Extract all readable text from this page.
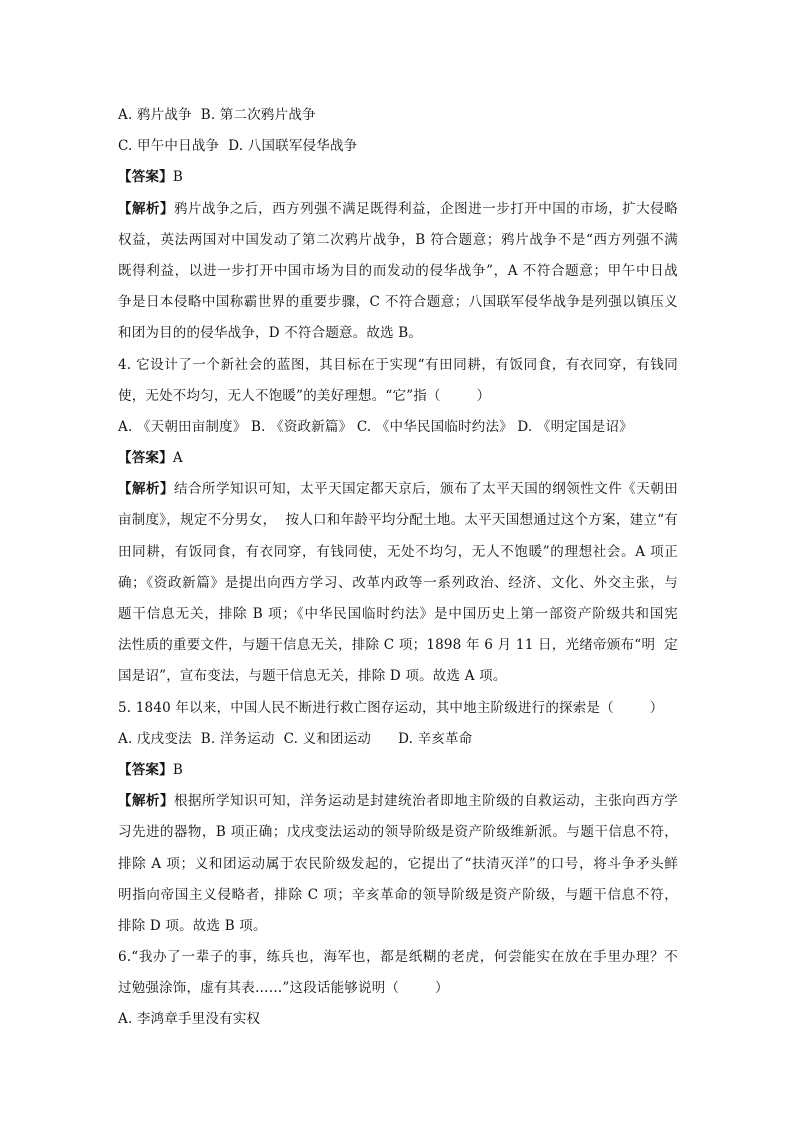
A. 鸦片战争  B. 第二次鸦片战争
C. 甲午中日战争  D. 八国联军侵华战争
【答案】B
【解析】鸦片战争之后，西方列强不满足既得利益，企图进一步打开中国的市场，扩大侵略
权益，英法两国对中国发动了第二次鸦片战争，B 符合题意；鸦片战争不是“西方列强不满
既得利益，以进一步打开中国市场为目的而发动的侵华战争”，A 不符合题意；甲午中日战
争是日本侵略中国称霸世界的重要步骤，C 不符合题意；八国联军侵华战争是列强以镇压义
和团为目的的侵华战争，D 不符合题意。故选 B。
4. 它设计了一个新社会的蓝图，其目标在于实现“有田同耕，有饭同食，有衣同穿，有钱同
使，无处不均匀，无人不饱暖”的美好理想。“它”指（        ）
A. 《天朝田亩制度》 B. 《资政新篇》 C. 《中华民国临时约法》 D. 《明定国是诏》
【答案】A
【解析】结合所学知识可知，太平天国定都天京后，颁布了太平天国的纲领性文件《天朝田
亩制度》，规定不分男女，  按人口和年龄平均分配土地。太平天国想通过这个方案，建立“有
田同耕，有饭同食，有衣同穿，有钱同使，无处不均匀，无人不饱暖”的理想社会。A 项正
确；《资政新篇》是提出向西方学习、改革内政等一系列政治、经济、文化、外交主张，与
题干信息无关，排除 B 项；《中华民国临时约法》是中国历史上第一部资产阶级共和国宪
法性质的重要文件，与题干信息无关，排除 C 项；1898 年 6 月 11 日，光绪帝颁布“明  定
国是诏”，宣布变法，与题干信息无关，排除 D 项。故选 A 项。
5. 1840 年以来，中国人民不断进行救亡图存运动，其中地主阶级进行的探索是（        ）
A. 戊戌变法  B. 洋务运动  C. 义和团运动      D. 辛亥革命
【答案】B
【解析】根据所学知识可知，洋务运动是封建统治者即地主阶级的自救运动，主张向西方学
习先进的器物，B 项正确；戊戌变法运动的领导阶级是资产阶级维新派。与题干信息不符，
排除 A 项；义和团运动属于农民阶级发起的，它提出了“扶清灭洋”的口号，将斗争矛头鲜
明指向帝国主义侵略者，排除 C 项；辛亥革命的领导阶级是资产阶级，与题干信息不符，
排除 D 项。故选 B 项。
6.“我办了一辈子的事，练兵也，海军也，都是纸糊的老虎，何尝能实在放在手里办理？不
过勉强涂饰，虚有其表……”这段话能够说明（        ）
A. 李鸿章手里没有实权
